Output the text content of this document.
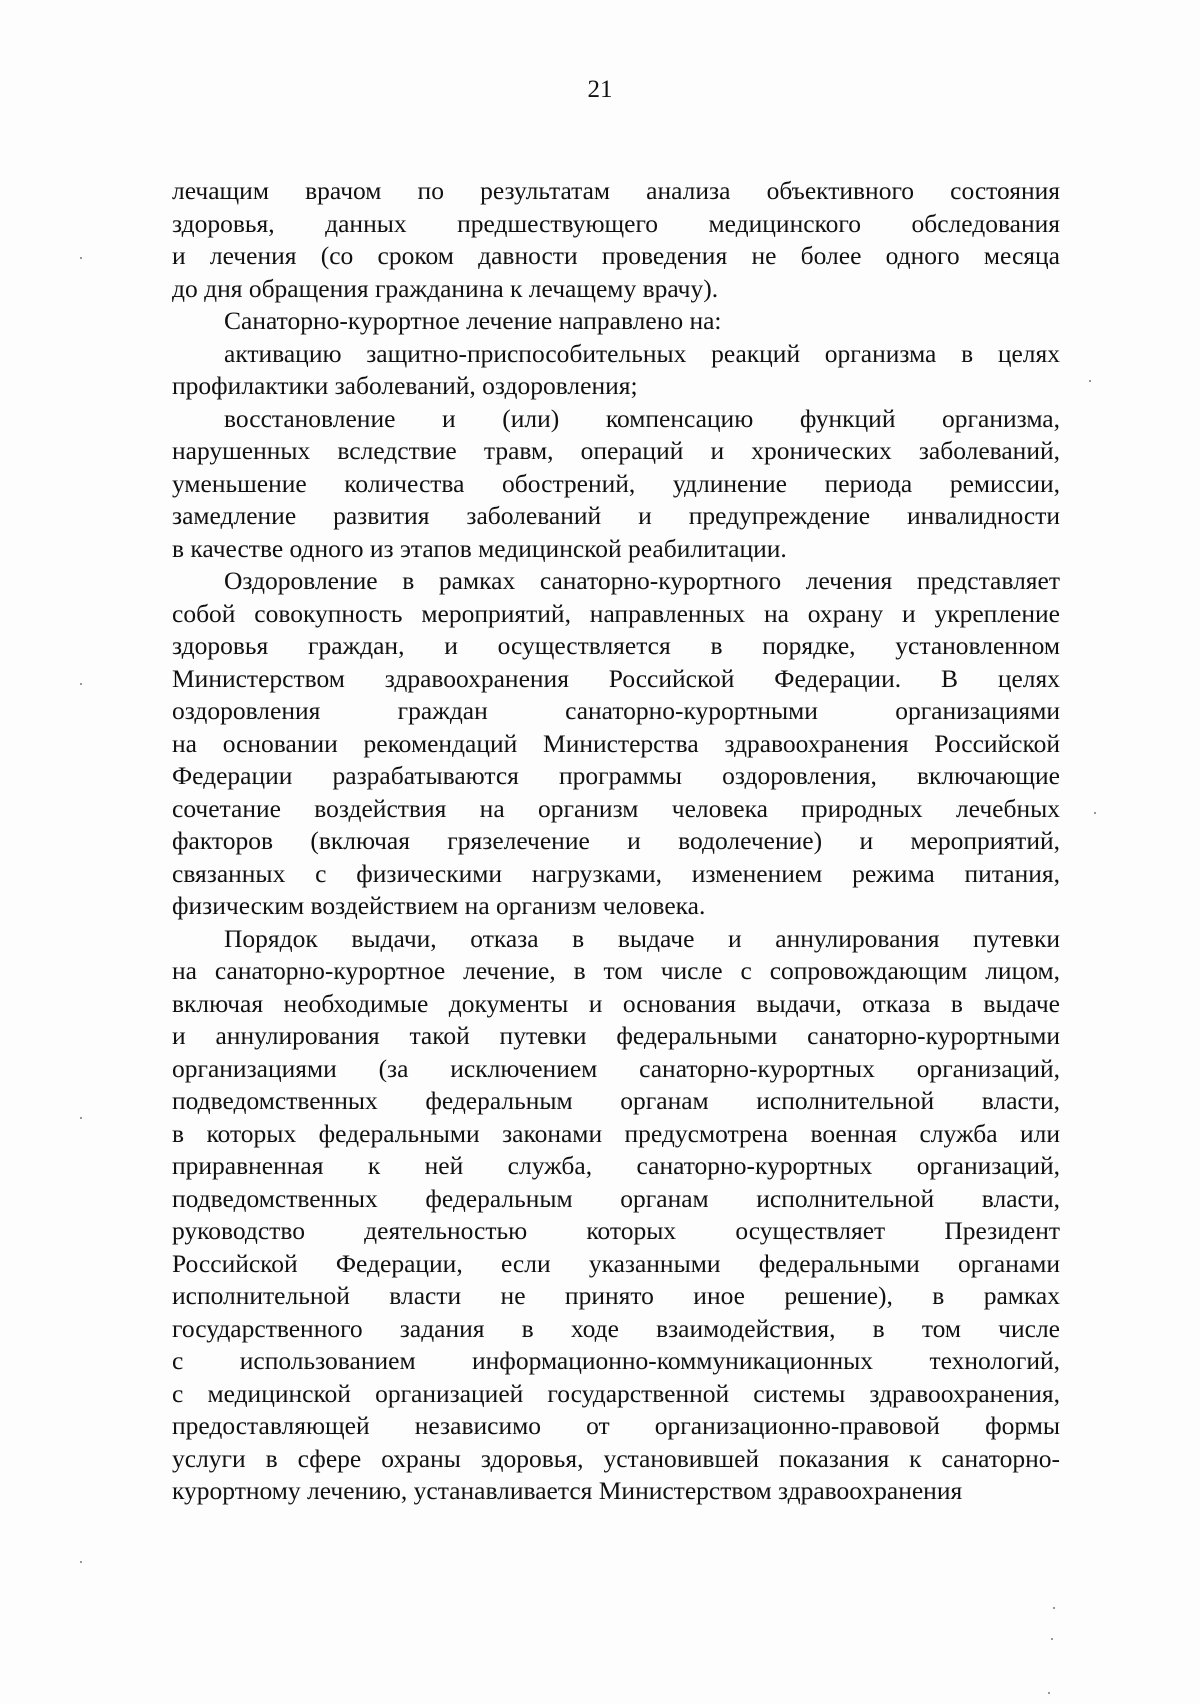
21
лечащим врачом по результатам анализа объективного состояния
здоровья, данных предшествующего медицинского обследования
и лечения (со сроком давности проведения не более одного месяца
до дня обращения гражданина к лечащему врачу).
Санаторно-курортное лечение направлено на:
активацию защитно-приспособительных реакций организма в целях
профилактики заболеваний, оздоровления;
восстановление и (или) компенсацию функций организма,
нарушенных вследствие травм, операций и хронических заболеваний,
уменьшение количества обострений, удлинение периода ремиссии,
замедление развития заболеваний и предупреждение инвалидности
в качестве одного из этапов медицинской реабилитации.
Оздоровление в рамках санаторно-курортного лечения представляет
собой совокупность мероприятий, направленных на охрану и укрепление
здоровья граждан, и осуществляется в порядке, установленном
Министерством здравоохранения Российской Федерации. В целях
оздоровления граждан санаторно-курортными организациями
на основании рекомендаций Министерства здравоохранения Российской
Федерации разрабатываются программы оздоровления, включающие
сочетание воздействия на организм человека природных лечебных
факторов (включая грязелечение и водолечение) и мероприятий,
связанных с физическими нагрузками, изменением режима питания,
физическим воздействием на организм человека.
Порядок выдачи, отказа в выдаче и аннулирования путевки
на санаторно-курортное лечение, в том числе с сопровождающим лицом,
включая необходимые документы и основания выдачи, отказа в выдаче
и аннулирования такой путевки федеральными санаторно-курортными
организациями (за исключением санаторно-курортных организаций,
подведомственных федеральным органам исполнительной власти,
в которых федеральными законами предусмотрена военная служба или
приравненная к ней служба, санаторно-курортных организаций,
подведомственных федеральным органам исполнительной власти,
руководство деятельностью которых осуществляет Президент
Российской Федерации, если указанными федеральными органами
исполнительной власти не принято иное решение), в рамках
государственного задания в ходе взаимодействия, в том числе
с использованием информационно-коммуникационных технологий,
с медицинской организацией государственной системы здравоохранения,
предоставляющей независимо от организационно-правовой формы
услуги в сфере охраны здоровья, установившей показания к санаторно-
курортному лечению, устанавливается Министерством здравоохранения
